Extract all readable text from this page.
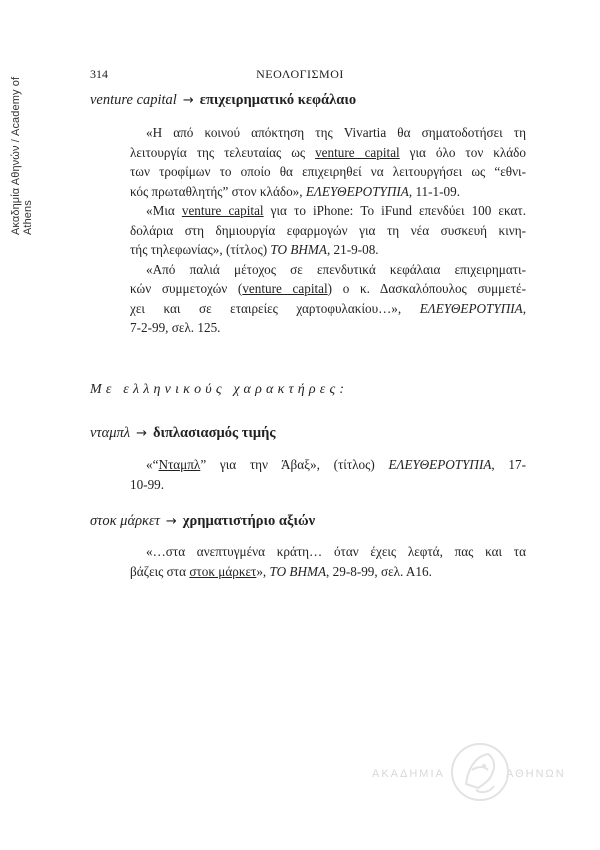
Ακαδημία Αθηνών / Academy of Athens
314	ΝΕΟΛΟΓΙΣΜΟΙ
venture capital → επιχειρηματικό κεφάλαιο
«Η από κοινού απόκτηση της Vivartia θα σηματοδοτήσει τη
λειτουργία της τελευταίας ως venture capital για όλο τον κλάδο
των τροφίμων το οποίο θα επιχειρηθεί να λειτουργήσει ως “εθνι-
κός πρωταθλητής” στον κλάδο», ΕΛΕΥΘΕΡΟΤΥΠΙΑ, 11-1-09.
«Μια venture capital για το iPhone: Το iFund επενδύει 100 εκατ.
δολάρια στη δημιουργία εφαρμογών για τη νέα συσκευή κινη-
τής τηλεφωνίας», (τίτλος) ΤΟ ΒΗΜΑ, 21-9-08.
«Από παλιά μέτοχος σε επενδυτικά κεφάλαια επιχειρηματι-
κών συμμετοχών (venture capital) ο κ. Δασκαλόπουλος συμμετέ-
χει και σε εταιρείες χαρτοφυλακίου…», ΕΛΕΥΘΕΡΟΤΥΠΙΑ,
7-2-99, σελ. 125.
Με ελληνικούς χαρακτήρες:
νταμπλ → διπλασιασμός τιμής
«“Νταμπλ” για την Άβαξ», (τίτλος) ΕΛΕΥΘΕΡΟΤΥΠΙΑ, 17-
10-99.
στοκ μάρκετ → χρηματιστήριο αξιών
«…στα ανεπτυγμένα κράτη… όταν έχεις λεφτά, πας και τα
βάζεις στα στοκ μάρκετ», ΤΟ ΒΗΜΑ, 29-8-99, σελ. Α16.
ΑΚΑΔΗΜΙΑ	ΑΘΗΝΩΝ
